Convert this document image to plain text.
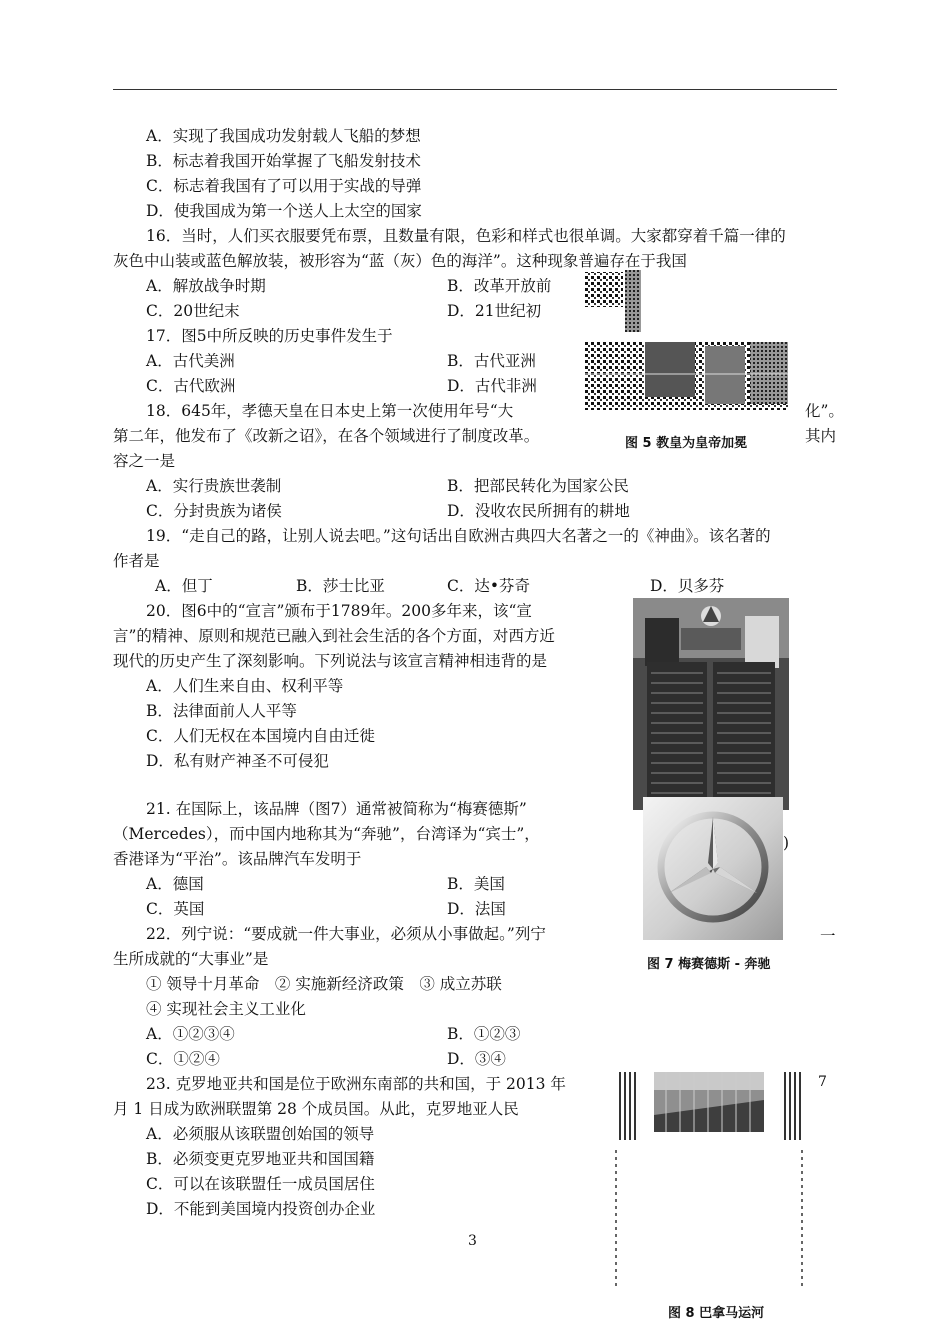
A．实现了我国成功发射载人飞船的梦想
B．标志着我国开始掌握了飞船发射技术
C．标志着我国有了可以用于实战的导弹
D．使我国成为第一个送人上太空的国家
16．当时，人们买衣服要凭布票，且数量有限，色彩和样式也很单调。大家都穿着千篇一律的
灰色中山装或蓝色解放装，被形容为“蓝（灰）色的海洋”。这种现象普遍存在于我国
A．解放战争时期	B．改革开放前
C．20世纪末	D．21世纪初
17．图5中所反映的历史事件发生于
A．古代美洲	B．古代亚洲
C．古代欧洲	D．古代非洲
18．645年，孝德天皇在日本史上第一次使用年号“大	化”。
第二年，他发布了《改新之诏》，在各个领域进行了制度改革。	图 5 教皇为皇帝加冕	其内
容之一是
A．实行贵族世袭制	B．把部民转化为国家公民
C．分封贵族为诸侯	D．没收农民所拥有的耕地
19．“走自己的路，让别人说去吧。”这句话出自欧洲古典四大名著之一的《神曲》。该名著的
作者是
A．但丁	B．莎士比亚	C．达•芬奇	D．贝多芬
20．图6中的“宣言”颁布于1789年。200多年来，该“宣
言”的精神、原则和规范已融入到社会生活的各个方面，对西方近
现代的历史产生了深刻影响。下列说法与该宣言精神相违背的是
A．人们生来自由、权利平等
B．法律面前人人平等
C．人们无权在本国境内自由迁徙
D．私有财产神圣不可侵犯
)
21. 在国际上，该品牌（图7）通常被简称为“梅赛德斯”
（Mercedes），而中国内地称其为“奔驰”，台湾译为“宾士”，
香港译为“平治”。该品牌汽车发明于
A．德国	B．美国
C．英国	D．法国
22．列宁说：“要成就一件大事业，必须从小事做起。”列宁	一
生所成就的“大事业”是	图 7 梅赛德斯 - 奔驰
① 领导十月革命　② 实施新经济政策　③ 成立苏联
④ 实现社会主义工业化
A．①②③④	B．①②③
C．①②④	D．③④
7
23. 克罗地亚共和国是位于欧洲东南部的共和国，于 2013 年
月 1 日成为欧洲联盟第 28 个成员国。从此，克罗地亚人民
A．必须服从该联盟创始国的领导
B．必须变更克罗地亚共和国国籍
C．可以在该联盟任一成员国居住
D．不能到美国境内投资创办企业
3
图 8 巴拿马运河
